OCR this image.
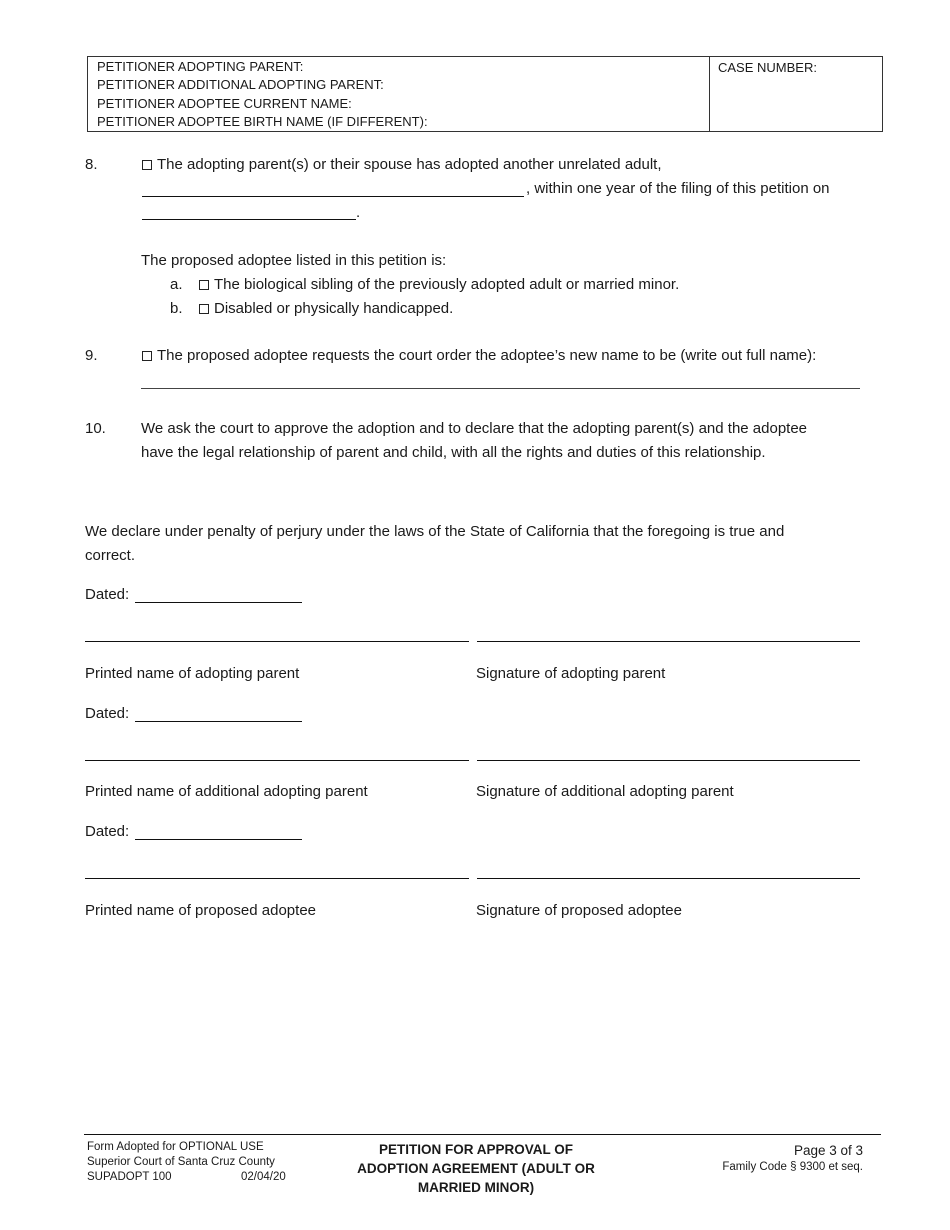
PETITIONER ADOPTING PARENT:
PETITIONER ADDITIONAL ADOPTING PARENT:
PETITIONER ADOPTEE CURRENT NAME:
PETITIONER ADOPTEE BIRTH NAME (IF DIFFERENT):
CASE NUMBER:
8.	The adopting parent(s) or their spouse has adopted another unrelated adult,
, within one year of the filing of this petition on
.
The proposed adoptee listed in this petition is:
a.	The biological sibling of the previously adopted adult or married minor.
b.	Disabled or physically handicapped.
9.	The proposed adoptee requests the court order the adoptee’s new name to be (write out full name):
10. We ask the court to approve the adoption and to declare that the adopting parent(s) and the adoptee
have the legal relationship of parent and child, with all the rights and duties of this relationship.
We declare under penalty of perjury under the laws of the State of California that the foregoing is true and
correct.
Dated:
Printed name of adopting parent	Signature of adopting parent
Dated:
Printed name of additional adopting parent	Signature of additional adopting parent
Dated:
Printed name of proposed adoptee	Signature of proposed adoptee
Form Adopted for OPTIONAL USE
Superior Court of Santa Cruz County
SUPADOPT 100	02/04/20
PETITION FOR APPROVAL OF
ADOPTION AGREEMENT (ADULT OR
MARRIED MINOR)
Page 3 of 3
Family Code § 9300 et seq.
